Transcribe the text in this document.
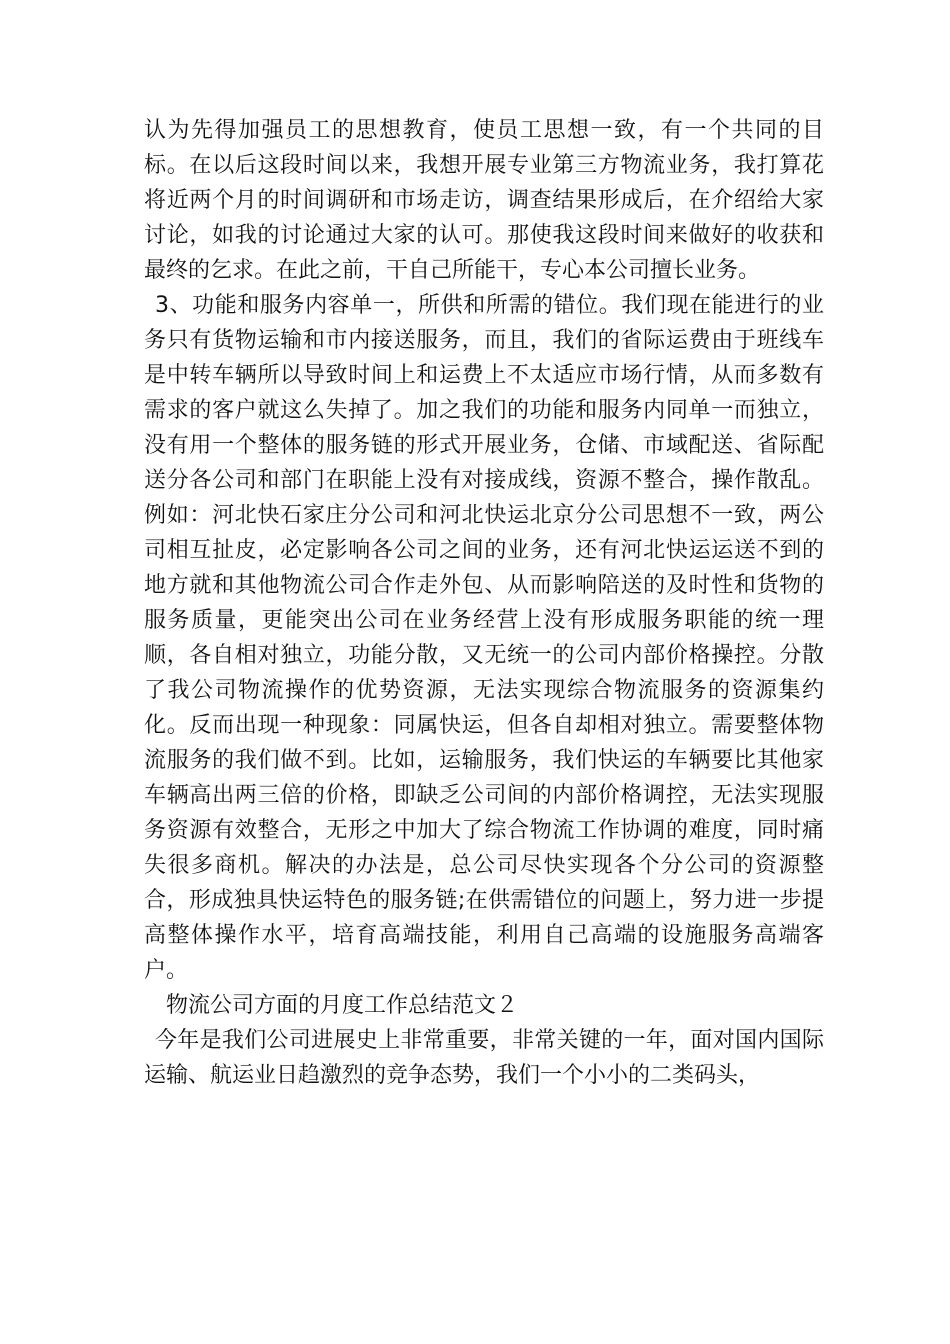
认为先得加强员工的思想教育，使员工思想一致，有一个共同的目标。在以后这段时间以来，我想开展专业第三方物流业务，我打算花将近两个月的时间调研和市场走访，调查结果形成后，在介绍给大家讨论，如我的讨论通过大家的认可。那使我这段时间来做好的收获和最终的乞求。在此之前，干自己所能干，专心本公司擅长业务。

3、功能和服务内容单一，所供和所需的错位。我们现在能进行的业务只有货物运输和市内接送服务，而且，我们的省际运费由于班线车是中转车辆所以导致时间上和运费上不太适应市场行情，从而多数有需求的客户就这么失掉了。加之我们的功能和服务内同单一而独立，没有用一个整体的服务链的形式开展业务，仓储、市域配送、省际配送分各公司和部门在职能上没有对接成线，资源不整合，操作散乱。例如：河北快石家庄分公司和河北快运北京分公司思想不一致，两公司相互扯皮，必定影响各公司之间的业务，还有河北快运运送不到的地方就和其他物流公司合作走外包、从而影响陪送的及时性和货物的服务质量，更能突出公司在业务经营上没有形成服务职能的统一理顺，各自相对独立，功能分散，又无统一的公司内部价格操控。分散了我公司物流操作的优势资源，无法实现综合物流服务的资源集约化。反而出现一种现象：同属快运，但各自却相对独立。需要整体物流服务的我们做不到。比如，运输服务，我们快运的车辆要比其他家车辆高出两三倍的价格，即缺乏公司间的内部价格调控，无法实现服务资源有效整合，无形之中加大了综合物流工作协调的难度，同时痛失很多商机。解决的办法是，总公司尽快实现各个分公司的资源整合，形成独具快运特色的服务链;在供需错位的问题上，努力进一步提高整体操作水平，培育高端技能，利用自己高端的设施服务高端客户。

物流公司方面的月度工作总结范文２

今年是我们公司进展史上非常重要，非常关键的一年，面对国内国际运输、航运业日趋激烈的竞争态势，我们一个小小的二类码头，
